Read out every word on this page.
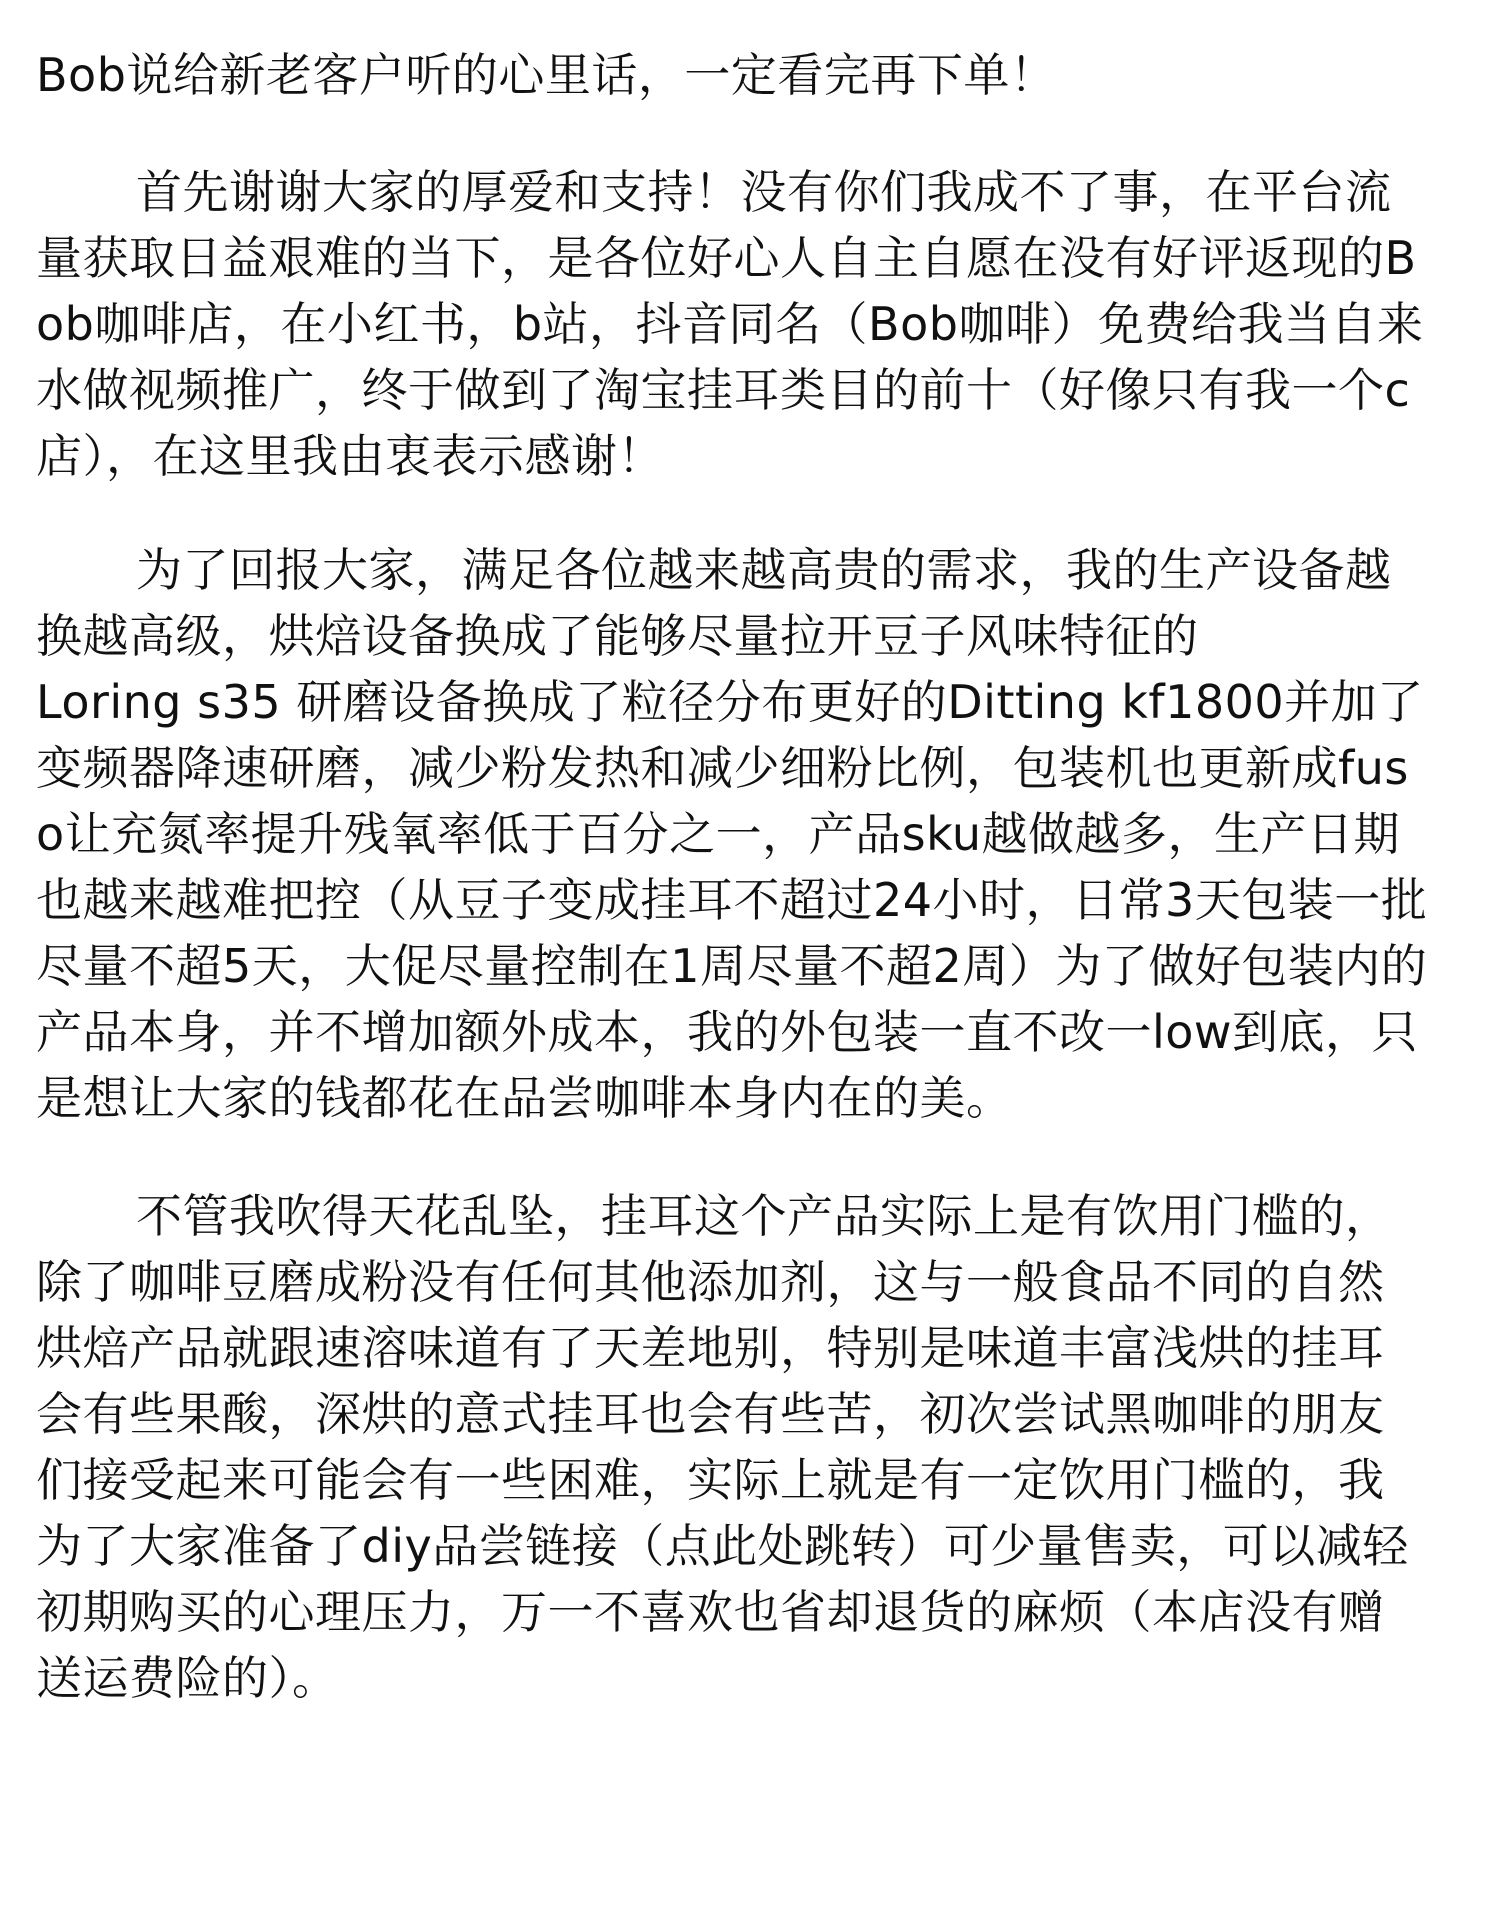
Bob说给新老客户听的心里话，一定看完再下单！
首先谢谢大家的厚爱和支持！没有你们我成不了事，在平台流
量获取日益艰难的当下，是各位好心人自主自愿在没有好评返现的B
ob咖啡店，在小红书，b站，抖音同名（Bob咖啡）免费给我当自来
水做视频推广，终于做到了淘宝挂耳类目的前十（好像只有我一个c
店），在这里我由衷表示感谢！
为了回报大家，满足各位越来越高贵的需求，我的生产设备越
换越高级，烘焙设备换成了能够尽量拉开豆子风味特征的
Loring s35 研磨设备换成了粒径分布更好的Ditting kf1800并加了
变频器降速研磨，减少粉发热和减少细粉比例，包装机也更新成fus
o让充氮率提升残氧率低于百分之一，产品sku越做越多，生产日期
也越来越难把控（从豆子变成挂耳不超过24小时，日常3天包装一批
尽量不超5天，大促尽量控制在1周尽量不超2周）为了做好包装内的
产品本身，并不增加额外成本，我的外包装一直不改一low到底，只
是想让大家的钱都花在品尝咖啡本身内在的美。
不管我吹得天花乱坠，挂耳这个产品实际上是有饮用门槛的，
除了咖啡豆磨成粉没有任何其他添加剂，这与一般食品不同的自然
烘焙产品就跟速溶味道有了天差地别，特别是味道丰富浅烘的挂耳
会有些果酸，深烘的意式挂耳也会有些苦，初次尝试黑咖啡的朋友
们接受起来可能会有一些困难，实际上就是有一定饮用门槛的，我
为了大家准备了diy品尝链接（点此处跳转）可少量售卖，可以减轻
初期购买的心理压力，万一不喜欢也省却退货的麻烦（本店没有赠
送运费险的）。
